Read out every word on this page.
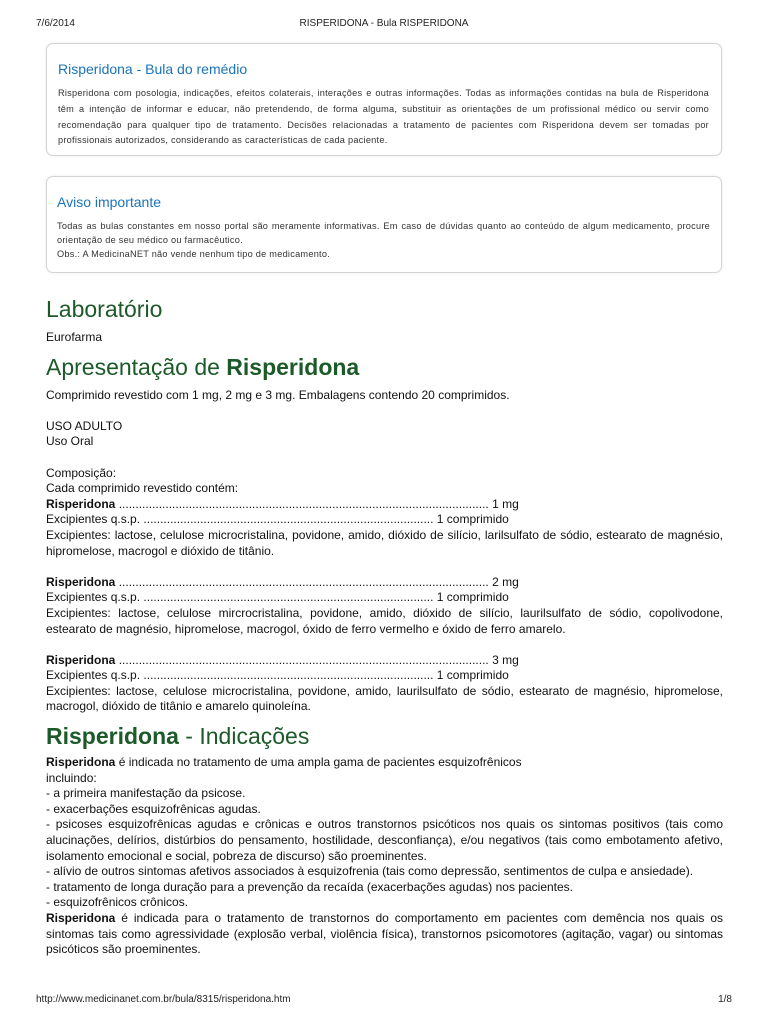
7/6/2014	RISPERIDONA - Bula RISPERIDONA
Risperidona - Bula do remédio

Risperidona com posologia, indicações, efeitos colaterais, interações e outras informações. Todas as informações contidas na bula de Risperidona têm a intenção de informar e educar, não pretendendo, de forma alguma, substituir as orientações de um profissional médico ou servir como recomendação para qualquer tipo de tratamento. Decisões relacionadas a tratamento de pacientes com Risperidona devem ser tomadas por profissionais autorizados, considerando as características de cada paciente.

Aviso importante

Todas as bulas constantes em nosso portal são meramente informativas. Em caso de dúvidas quanto ao conteúdo de algum medicamento, procure orientação de seu médico ou farmacêutico.
Obs.: A MedicinaNET não vende nenhum tipo de medicamento.

Laboratório
Eurofarma
Apresentação de Risperidona
Comprimido revestido com 1 mg, 2 mg e 3 mg. Embalagens contendo 20 comprimidos.
USO ADULTO
Uso Oral
Composição:
Cada comprimido revestido contém:
Risperidona ............................................................................................................... 1 mg
Excipientes q.s.p. ....................................................................................... 1 comprimido
Excipientes: lactose, celulose microcristalina, povidone, amido, dióxido de silício, larilsulfato de sódio, estearato de magnésio, hipromelose, macrogol e dióxido de titânio.
Risperidona ............................................................................................................... 2 mg
Excipientes q.s.p. ....................................................................................... 1 comprimido
Excipientes: lactose, celulose mircrocristalina, povidone, amido, dióxido de silício, laurilsulfato de sódio, copolivodone, estearato de magnésio, hipromelose, macrogol, óxido de ferro vermelho e óxido de ferro amarelo.
Risperidona ............................................................................................................... 3 mg
Excipientes q.s.p. ....................................................................................... 1 comprimido
Excipientes: lactose, celulose microcristalina, povidone, amido, laurilsulfato de sódio, estearato de magnésio, hipromelose, macrogol, dióxido de titânio e amarelo quinoleína.
Risperidona - Indicações
Risperidona é indicada no tratamento de uma ampla gama de pacientes esquizofrênicos
incluindo:
- a primeira manifestação da psicose.
- exacerbações esquizofrênicas agudas.
- psicoses esquizofrênicas agudas e crônicas e outros transtornos psicóticos nos quais os sintomas positivos (tais como alucinações, delírios, distúrbios do pensamento, hostilidade, desconfiança), e/ou negativos (tais como embotamento afetivo, isolamento emocional e social, pobreza de discurso) são proeminentes.
- alívio de outros sintomas afetivos associados à esquizofrenia (tais como depressão, sentimentos de culpa e ansiedade).
- tratamento de longa duração para a prevenção da recaída (exacerbações agudas) nos pacientes.
- esquizofrênicos crônicos.
Risperidona é indicada para o tratamento de transtornos do comportamento em pacientes com demência nos quais os sintomas tais como agressividade (explosão verbal, violência física), transtornos psicomotores (agitação, vagar) ou sintomas psicóticos são proeminentes.
http://www.medicinanet.com.br/bula/8315/risperidona.htm	1/8
